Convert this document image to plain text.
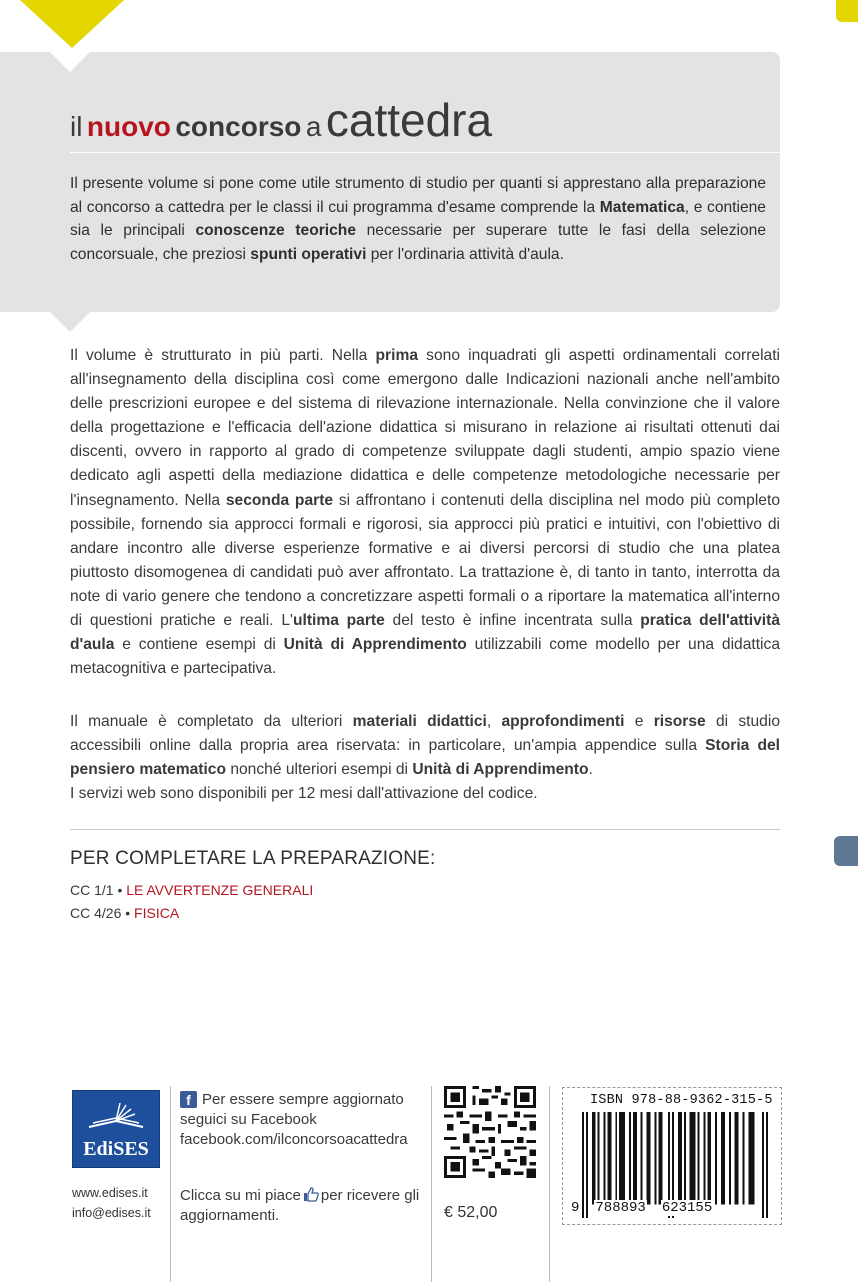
il nuovo concorso a cattedra
Il presente volume si pone come utile strumento di studio per quanti si apprestano alla preparazione al concorso a cattedra per le classi il cui programma d'esame comprende la Matematica, e contiene sia le principali conoscenze teoriche necessarie per superare tutte le fasi della selezione concorsuale, che preziosi spunti operativi per l'ordinaria attività d'aula.
Il volume è strutturato in più parti. Nella prima sono inquadrati gli aspetti ordinamentali correlati all'insegnamento della disciplina così come emergono dalle Indicazioni nazionali anche nell'ambito delle prescrizioni europee e del sistema di rilevazione internazionale. Nella convinzione che il valore della progettazione e l'efficacia dell'azione didattica si misurano in relazione ai risultati ottenuti dai discenti, ovvero in rapporto al grado di competenze sviluppate dagli studenti, ampio spazio viene dedicato agli aspetti della mediazione didattica e delle competenze metodologiche necessarie per l'insegnamento. Nella seconda parte si affrontano i contenuti della disciplina nel modo più completo possibile, fornendo sia approcci formali e rigorosi, sia approcci più pratici e intuitivi, con l'obiettivo di andare incontro alle diverse esperienze formative e ai diversi percorsi di studio che una platea piuttosto disomogenea di candidati può aver affrontato. La trattazione è, di tanto in tanto, interrotta da note di vario genere che tendono a concretizzare aspetti formali o a riportare la matematica all'interno di questioni pratiche e reali. L'ultima parte del testo è infine incentrata sulla pratica dell'attività d'aula e contiene esempi di Unità di Apprendimento utilizzabili come modello per una didattica metacognitiva e partecipativa.
Il manuale è completato da ulteriori materiali didattici, approfondimenti e risorse di studio accessibili online dalla propria area riservata: in particolare, un'ampia appendice sulla Storia del pensiero matematico nonché ulteriori esempi di Unità di Apprendimento.
I servizi web sono disponibili per 12 mesi dall'attivazione del codice.
PER COMPLETARE LA PREPARAZIONE:
CC 1/1 • LE AVVERTENZE GENERALI
CC 4/26 • FISICA
EdiSES
www.edises.it
info@edises.it
f Per essere sempre aggiornato
seguici su Facebook
facebook.com/ilconcorsoacattedra
Clicca su mi piace per ricevere gli aggiornamenti.	€ 52,00
ISBN 978-88-9362-315-5
9 788893 623155
